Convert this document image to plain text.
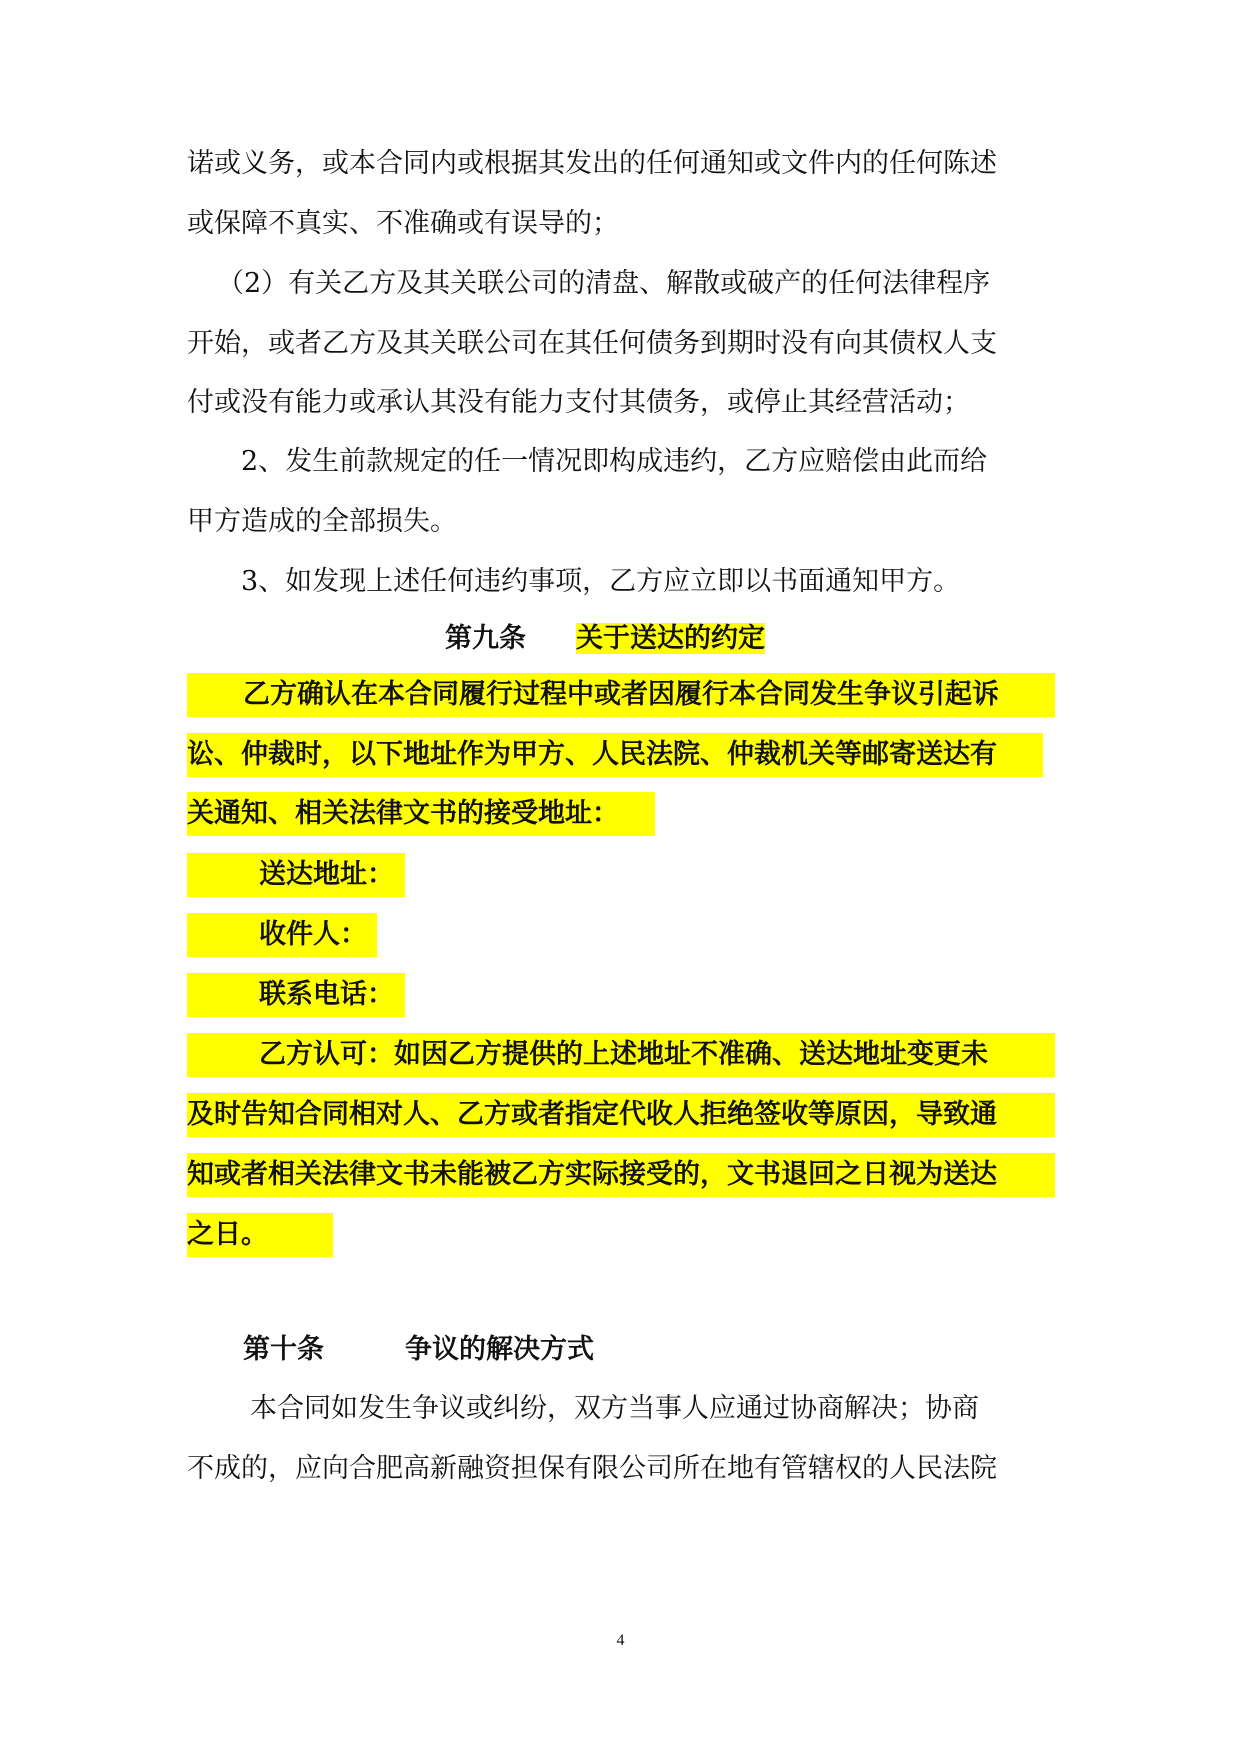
诺或义务，或本合同内或根据其发出的任何通知或文件内的任何陈述
或保障不真实、不准确或有误导的；
（2）有关乙方及其关联公司的清盘、解散或破产的任何法律程序
开始，或者乙方及其关联公司在其任何债务到期时没有向其债权人支
付或没有能力或承认其没有能力支付其债务，或停止其经营活动；
2、发生前款规定的任一情况即构成违约，乙方应赔偿由此而给
甲方造成的全部损失。
3、如发现上述任何违约事项，乙方应立即以书面通知甲方。
第九条 关于送达的约定
乙方确认在本合同履行过程中或者因履行本合同发生争议引起诉
讼、仲裁时，以下地址作为甲方、人民法院、仲裁机关等邮寄送达有
关通知、相关法律文书的接受地址：
送达地址：
收件人：
联系电话：
乙方认可：如因乙方提供的上述地址不准确、送达地址变更未
及时告知合同相对人、乙方或者指定代收人拒绝签收等原因，导致通
知或者相关法律文书未能被乙方实际接受的，文书退回之日视为送达
之日。
第十条	争议的解决方式
本合同如发生争议或纠纷，双方当事人应通过协商解决；协商
不成的，应向合肥高新融资担保有限公司所在地有管辖权的人民法院
4
